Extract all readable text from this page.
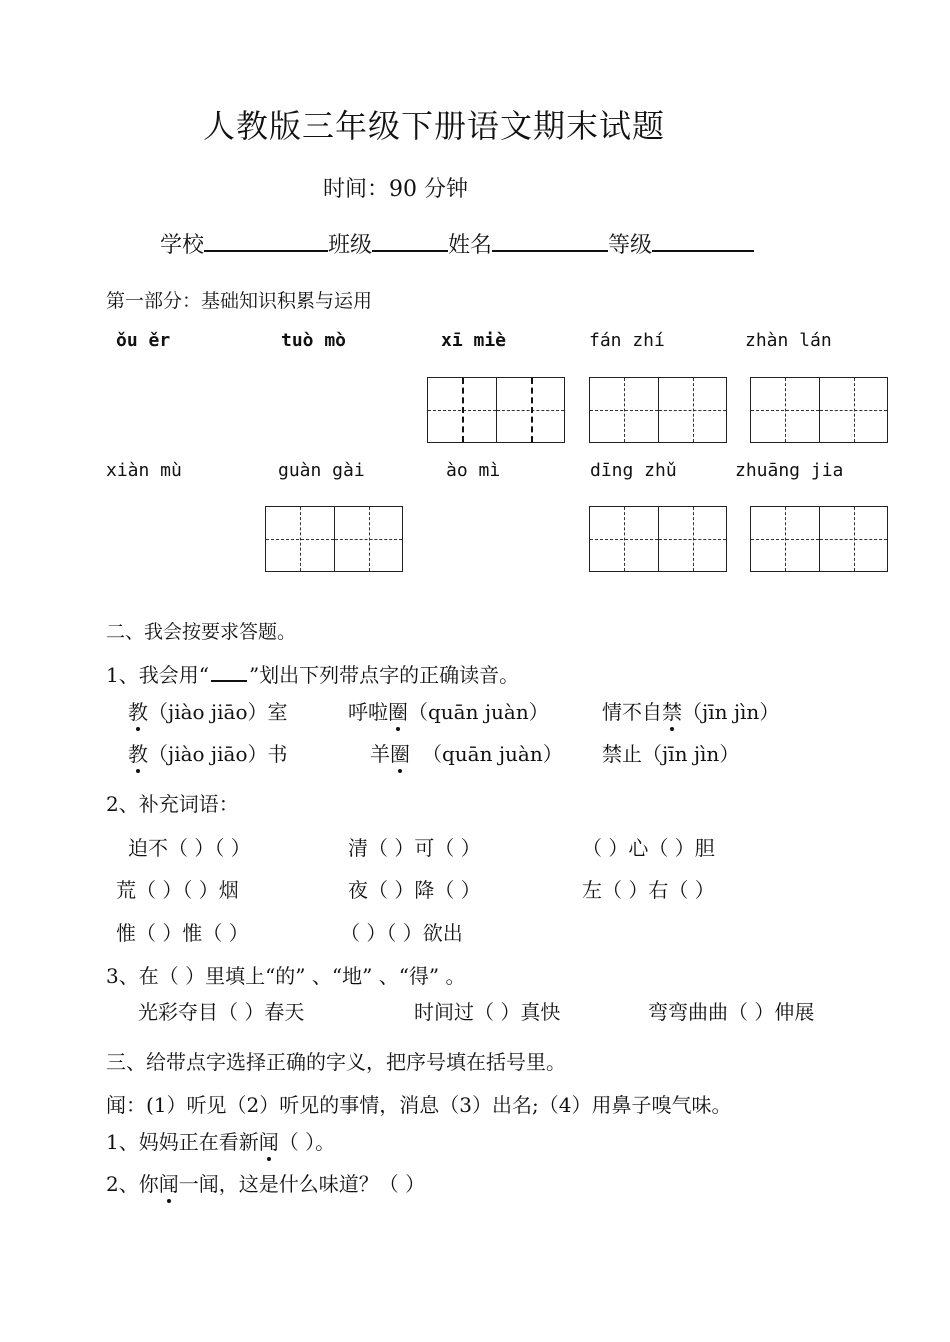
人教版三年级下册语文期末试题
时间：90 分钟
学校	班级	姓名	等级
第一部分：基础知识积累与运用
ǒu ěr	tuò mò	xī miè	fán zhí	zhàn lán
xiàn mù	guàn gài	ào mì	dīng zhǔ	zhuāng jia
二、我会按要求答题。
1、我会用“ ”划出下列带点字的正确读音。
教（jiào jiāo）室	呼啦圈（quān juàn）	情不自禁（jīn jìn）
教（jiào jiāo）书	羊圈 （quān juàn） 禁止（jīn jìn）
2、补充词语：
迫不（ ）（ ）	清（ ）可（ ）	（ ）心（ ）胆
荒（ ）（ ）烟	夜（ ）降（ ）	左（ ）右（ ）
惟（ ）惟（ ）	（ ）（ ）欲出
3、在（ ）里填上“的” 、“地” 、“得” 。
光彩夺目（ ）春天	时间过（ ）真快	弯弯曲曲（ ）伸展
三、给带点字选择正确的字义，把序号填在括号里。
闻：(1）听见（2）听见的事情，消息（3）出名;（4）用鼻子嗅气味。
1、妈妈正在看新闻（ ）。
2、你闻一闻，这是什么味道？（ ）
